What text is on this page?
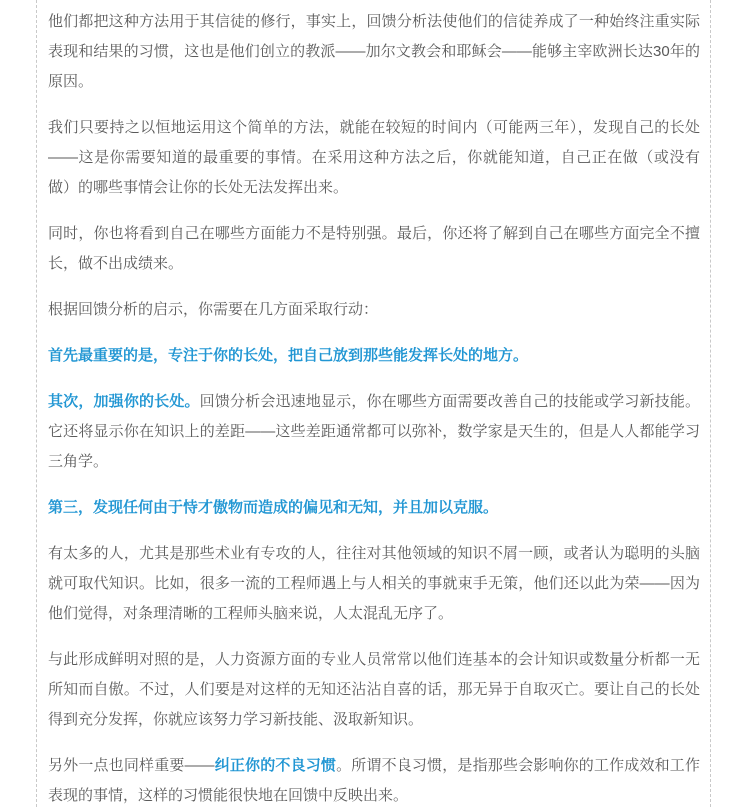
他们都把这种方法用于其信徒的修行，事实上，回馈分析法使他们的信徒养成了一种始终注重实际表现和结果的习惯，这也是他们创立的教派——加尔文教会和耶稣会——能够主宰欧洲长达30年的原因。

我们只要持之以恒地运用这个简单的方法，就能在较短的时间内（可能两三年），发现自己的长处——这是你需要知道的最重要的事情。在采用这种方法之后，你就能知道，自己正在做（或没有做）的哪些事情会让你的长处无法发挥出来。

同时，你也将看到自己在哪些方面能力不是特别强。最后，你还将了解到自己在哪些方面完全不擅长，做不出成绩来。

根据回馈分析的启示，你需要在几方面采取行动：

首先最重要的是，专注于你的长处，把自己放到那些能发挥长处的地方。

其次，加强你的长处。回馈分析会迅速地显示，你在哪些方面需要改善自己的技能或学习新技能。它还将显示你在知识上的差距——这些差距通常都可以弥补，数学家是天生的，但是人人都能学习三角学。

第三，发现任何由于恃才傲物而造成的偏见和无知，并且加以克服。

有太多的人，尤其是那些术业有专攻的人，往往对其他领域的知识不屑一顾，或者认为聪明的头脑就可取代知识。比如，很多一流的工程师遇上与人相关的事就束手无策，他们还以此为荣——因为他们觉得，对条理清晰的工程师头脑来说，人太混乱无序了。

与此形成鲜明对照的是，人力资源方面的专业人员常常以他们连基本的会计知识或数量分析都一无所知而自傲。不过，人们要是对这样的无知还沾沾自喜的话，那无异于自取灭亡。要让自己的长处得到充分发挥，你就应该努力学习新技能、汲取新知识。

另外一点也同样重要——纠正你的不良习惯。所谓不良习惯，是指那些会影响你的工作成效和工作表现的事情，这样的习惯能很快地在回馈中反映出来。
